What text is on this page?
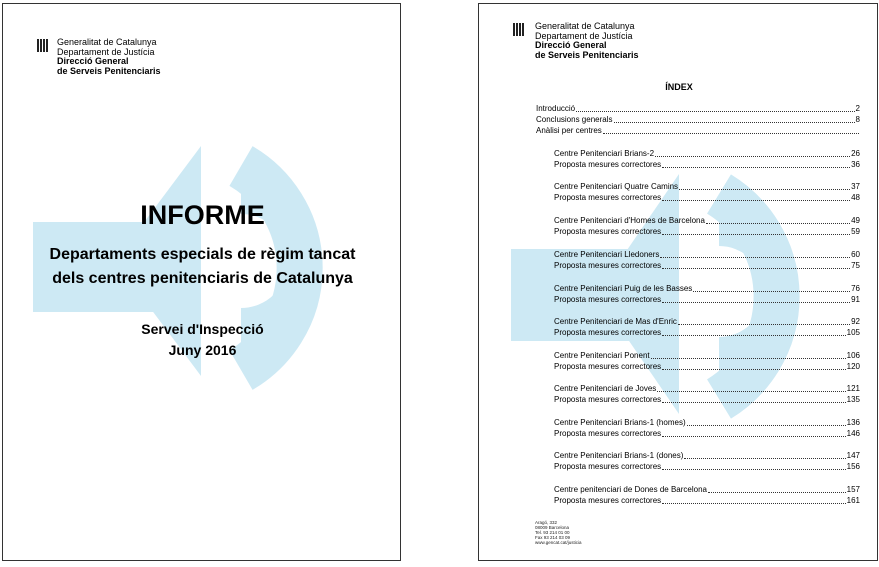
Generalitat de Catalunya
Departament de Justícia
Direcció General
de Serveis Penitenciaris
INFORME
Departaments especials de règim tancat
dels centres penitenciaris de Catalunya
Servei d'Inspecció
Juny 2016
Generalitat de Catalunya
Departament de Justícia
Direcció General
de Serveis Penitenciaris
ÍNDEX
Introducció	2
Conclusions generals	8
Anàlisi per centres
Centre Penitenciari Brians-2	26
Proposta mesures correctores	36
Centre Penitenciari Quatre Camins	37
Proposta mesures correctores	48
Centre Penitenciari d'Homes de Barcelona	49
Proposta mesures correctores	59
Centre Penitenciari Lledoners	60
Proposta mesures correctores	75
Centre Penitenciari Puig de les Basses	76
Proposta mesures correctores	91
Centre Penitenciari de Mas d'Enric	92
Proposta mesures correctores	105
Centre Penitenciari Ponent	106
Proposta mesures correctores	120
Centre Penitenciari de Joves	121
Proposta mesures correctores	135
Centre Penitenciari Brians-1 (homes)	136
Proposta mesures correctores	146
Centre Penitenciari Brians-1 (dones)	147
Proposta mesures correctores	156
Centre penitenciari de Dones de Barcelona	157
Proposta mesures correctores	161
Aragó, 332
08009 Barcelona
Tel. 93 214 01 00
Fax 93 214 03 09
www.gencat.cat/justicia
